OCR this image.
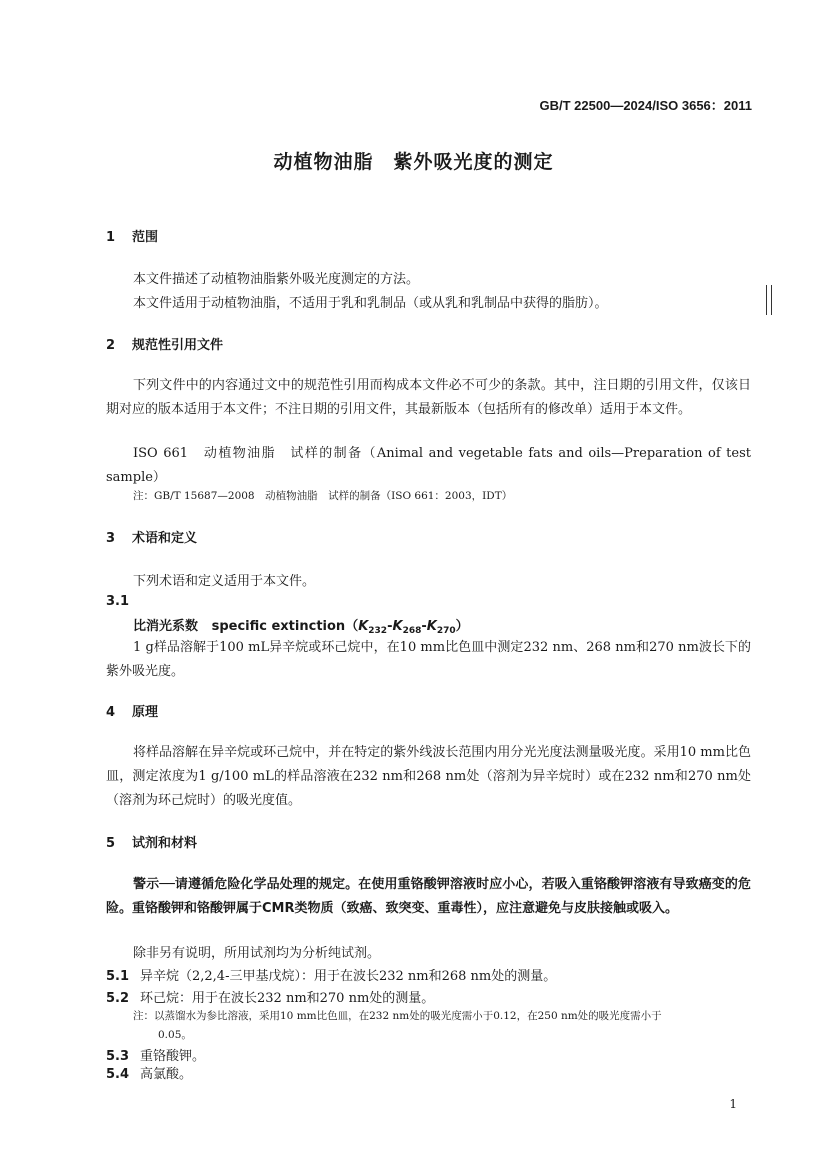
GB/T 22500—2024/ISO 3656：2011
动植物油脂　紫外吸光度的测定
1 范围
本文件描述了动植物油脂紫外吸光度测定的方法。
本文件适用于动植物油脂，不适用于乳和乳制品（或从乳和乳制品中获得的脂肪）。
2 规范性引用文件
下列文件中的内容通过文中的规范性引用而构成本文件必不可少的条款。其中，注日期的引用文件，仅该日期对应的版本适用于本文件；不注日期的引用文件，其最新版本（包括所有的修改单）适用于本文件。
ISO 661　动植物油脂　试样的制备（Animal and vegetable fats and oils—Preparation of test sample）
注：GB/T 15687—2008　动植物油脂　试样的制备（ISO 661：2003，IDT）
3 术语和定义
下列术语和定义适用于本文件。
3.1
比消光系数 specific $extinction(K_{232}-K_{268}-K_{270})$
1 g样品溶解于100 mL异辛烷或环己烷中，在10 mm比色皿中测定232 nm、268 nm和270 nm波长下的紫外吸光度。
4 原理
将样品溶解在异辛烷或环己烷中，并在特定的紫外线波长范围内用分光光度法测量吸光度。采用10 mm比色皿，测定浓度为1 g/100 mL的样品溶液在232 nm和268 nm处（溶剂为异辛烷时）或在232 nm和270 nm处（溶剂为环己烷时）的吸光度值。
5 试剂和材料
警示──请遵循危险化学品处理的规定。在使用重铬酸钾溶液时应小心，若吸入重铬酸钾溶液有导致癌变的危险。重铬酸钾和铬酸钾属于CMR类物质（致癌、致突变、重毒性），应注意避免与皮肤接触或吸入。
除非另有说明，所用试剂均为分析纯试剂。
5.1 异辛烷（2,2,4-三甲基戊烷）：用于在波长232 nm和268 nm处的测量。
5.2 环己烷：用于在波长232 nm和270 nm处的测量。
注：以蒸馏水为参比溶液，采用10 mm比色皿，在232 nm处的吸光度需小于0.12，在250 nm处的吸光度需小于
0.05。
5.3 重铬酸钾。
5.4 高氯酸。
1
